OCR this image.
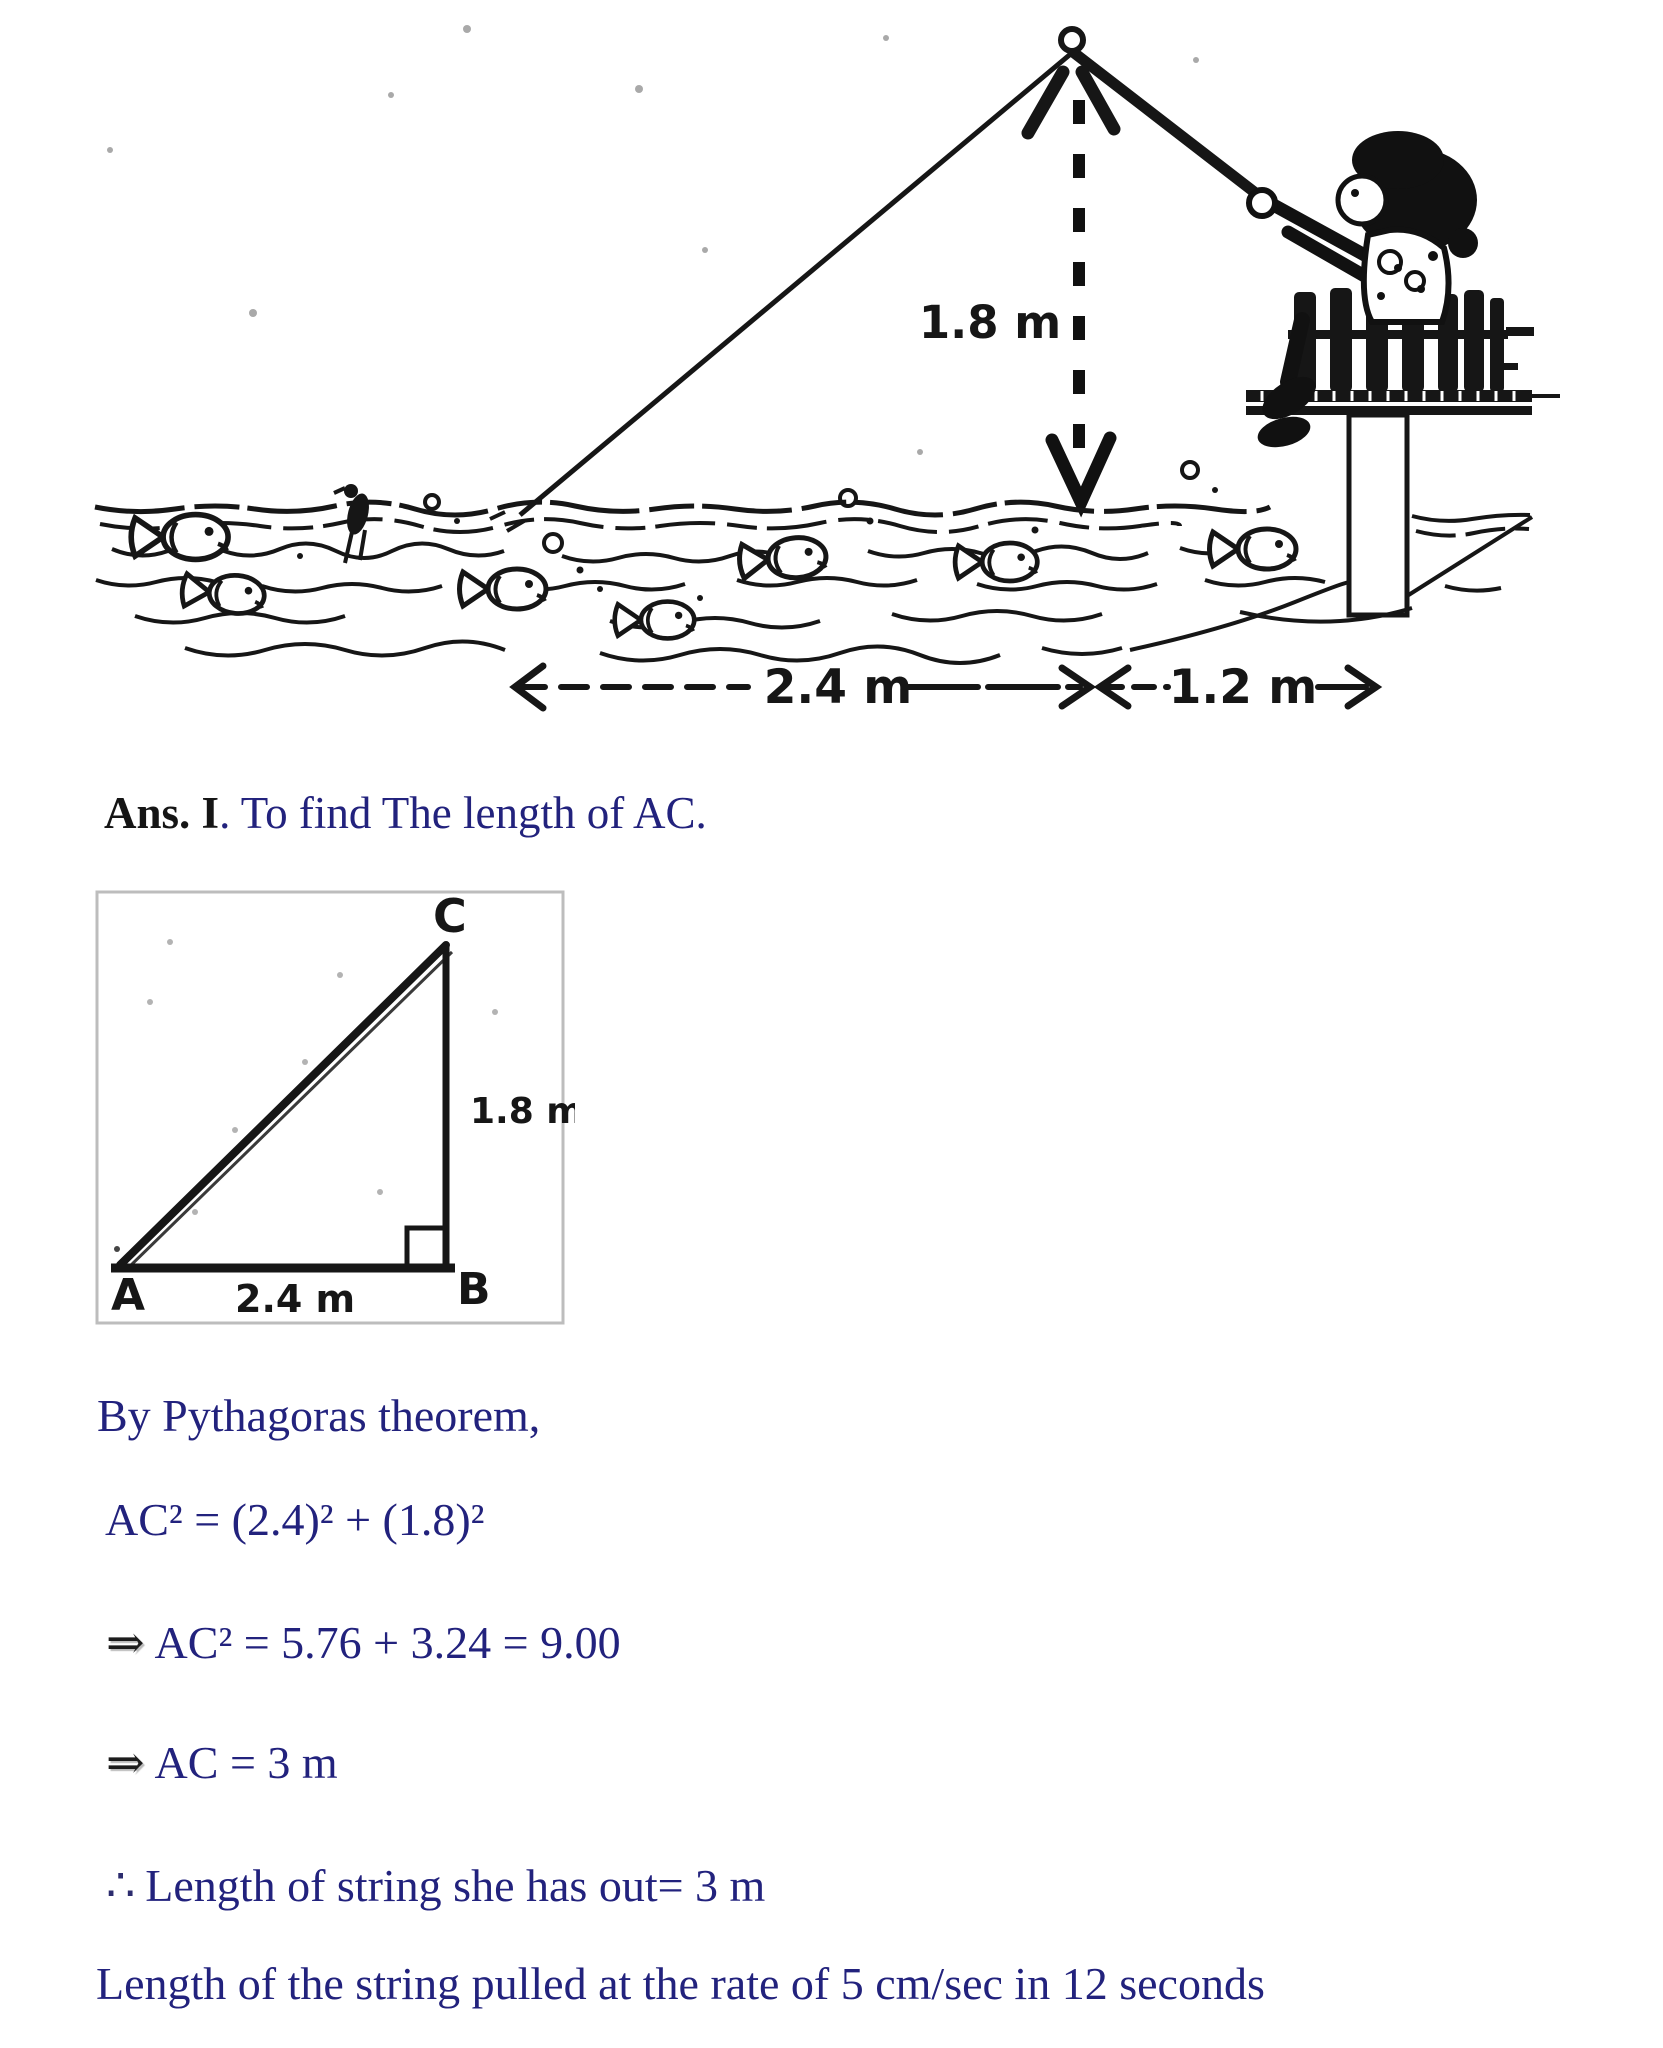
1.8 m
2.4 m	1.2 m
Ans. I. To find The length of AC.
C
A	B
1.8 m
2.4 m
By Pythagoras theorem,
AC² = (2.4)² + (1.8)²
⇒ AC² = 5.76 + 3.24 = 9.00
⇒ AC = 3 m
∴ Length of string she has out= 3 m
Length of the string pulled at the rate of 5 cm/sec in 12 seconds
